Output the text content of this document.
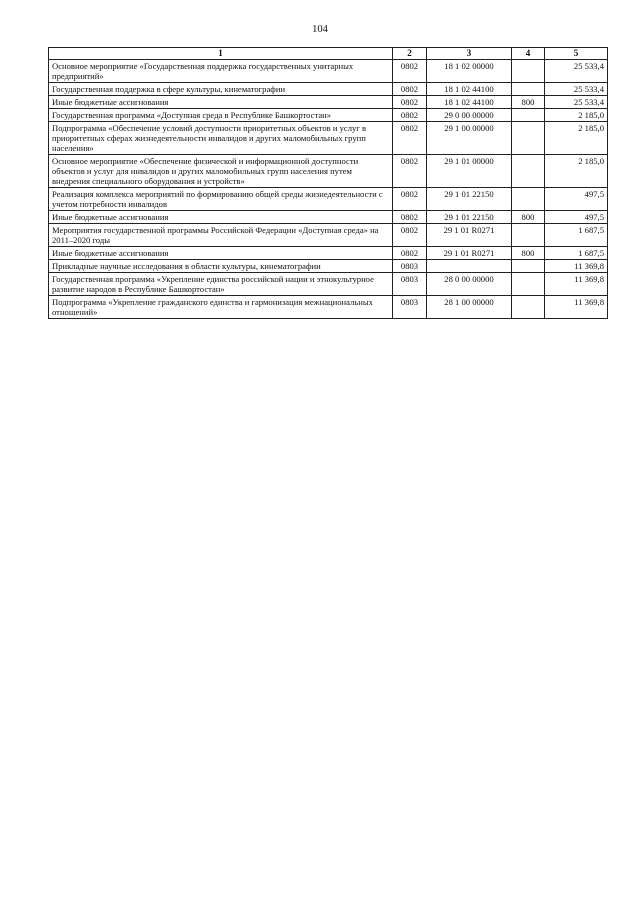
104
1	2	3	4	5
Основное мероприятие «Государственная поддержка государственных унитарных предприятий»	0802	18 1 02 00000		25 533,4
Государственная поддержка в сфере культуры, кинематографии	0802	18 1 02 44100		25 533,4
Иные бюджетные ассигнования	0802	18 1 02 44100	800	25 533,4
Государственная программа «Доступная среда в Республике Башкортостан»	0802	29 0 00 00000		2 185,0
Подпрограмма «Обеспечение условий доступности приоритетных объектов и услуг в приоритетных сферах жизнедеятельности инвалидов и других маломобильных групп населения»	0802	29 1 00 00000		2 185,0
Основное мероприятие «Обеспечение физической и информационной доступности объектов и услуг для инвалидов и других маломобильных групп населения путем внедрения специального оборудования и устройств»	0802	29 1 01 00000		2 185,0
Реализация комплекса мероприятий по формированию общей среды жизнедеятельности с учетом потребности инвалидов	0802	29 1 01 22150		497,5
Иные бюджетные ассигнования	0802	29 1 01 22150	800	497,5
Мероприятия государственной программы Российской Федерации «Доступная среда» на 2011–2020 годы	0802	29 1 01 R0271		1 687,5
Иные бюджетные ассигнования	0802	29 1 01 R0271	800	1 687,5
Прикладные научные исследования в области культуры, кинематографии	0803			11 369,8
Государственная программа «Укрепление единства российской нации и этнокультурное развитие народов в Республике Башкортостан»	0803	28 0 00 00000		11 369,8
Подпрограмма «Укрепление гражданского единства и гармонизация межнациональных отношений»	0803	28 1 00 00000		11 369,8
